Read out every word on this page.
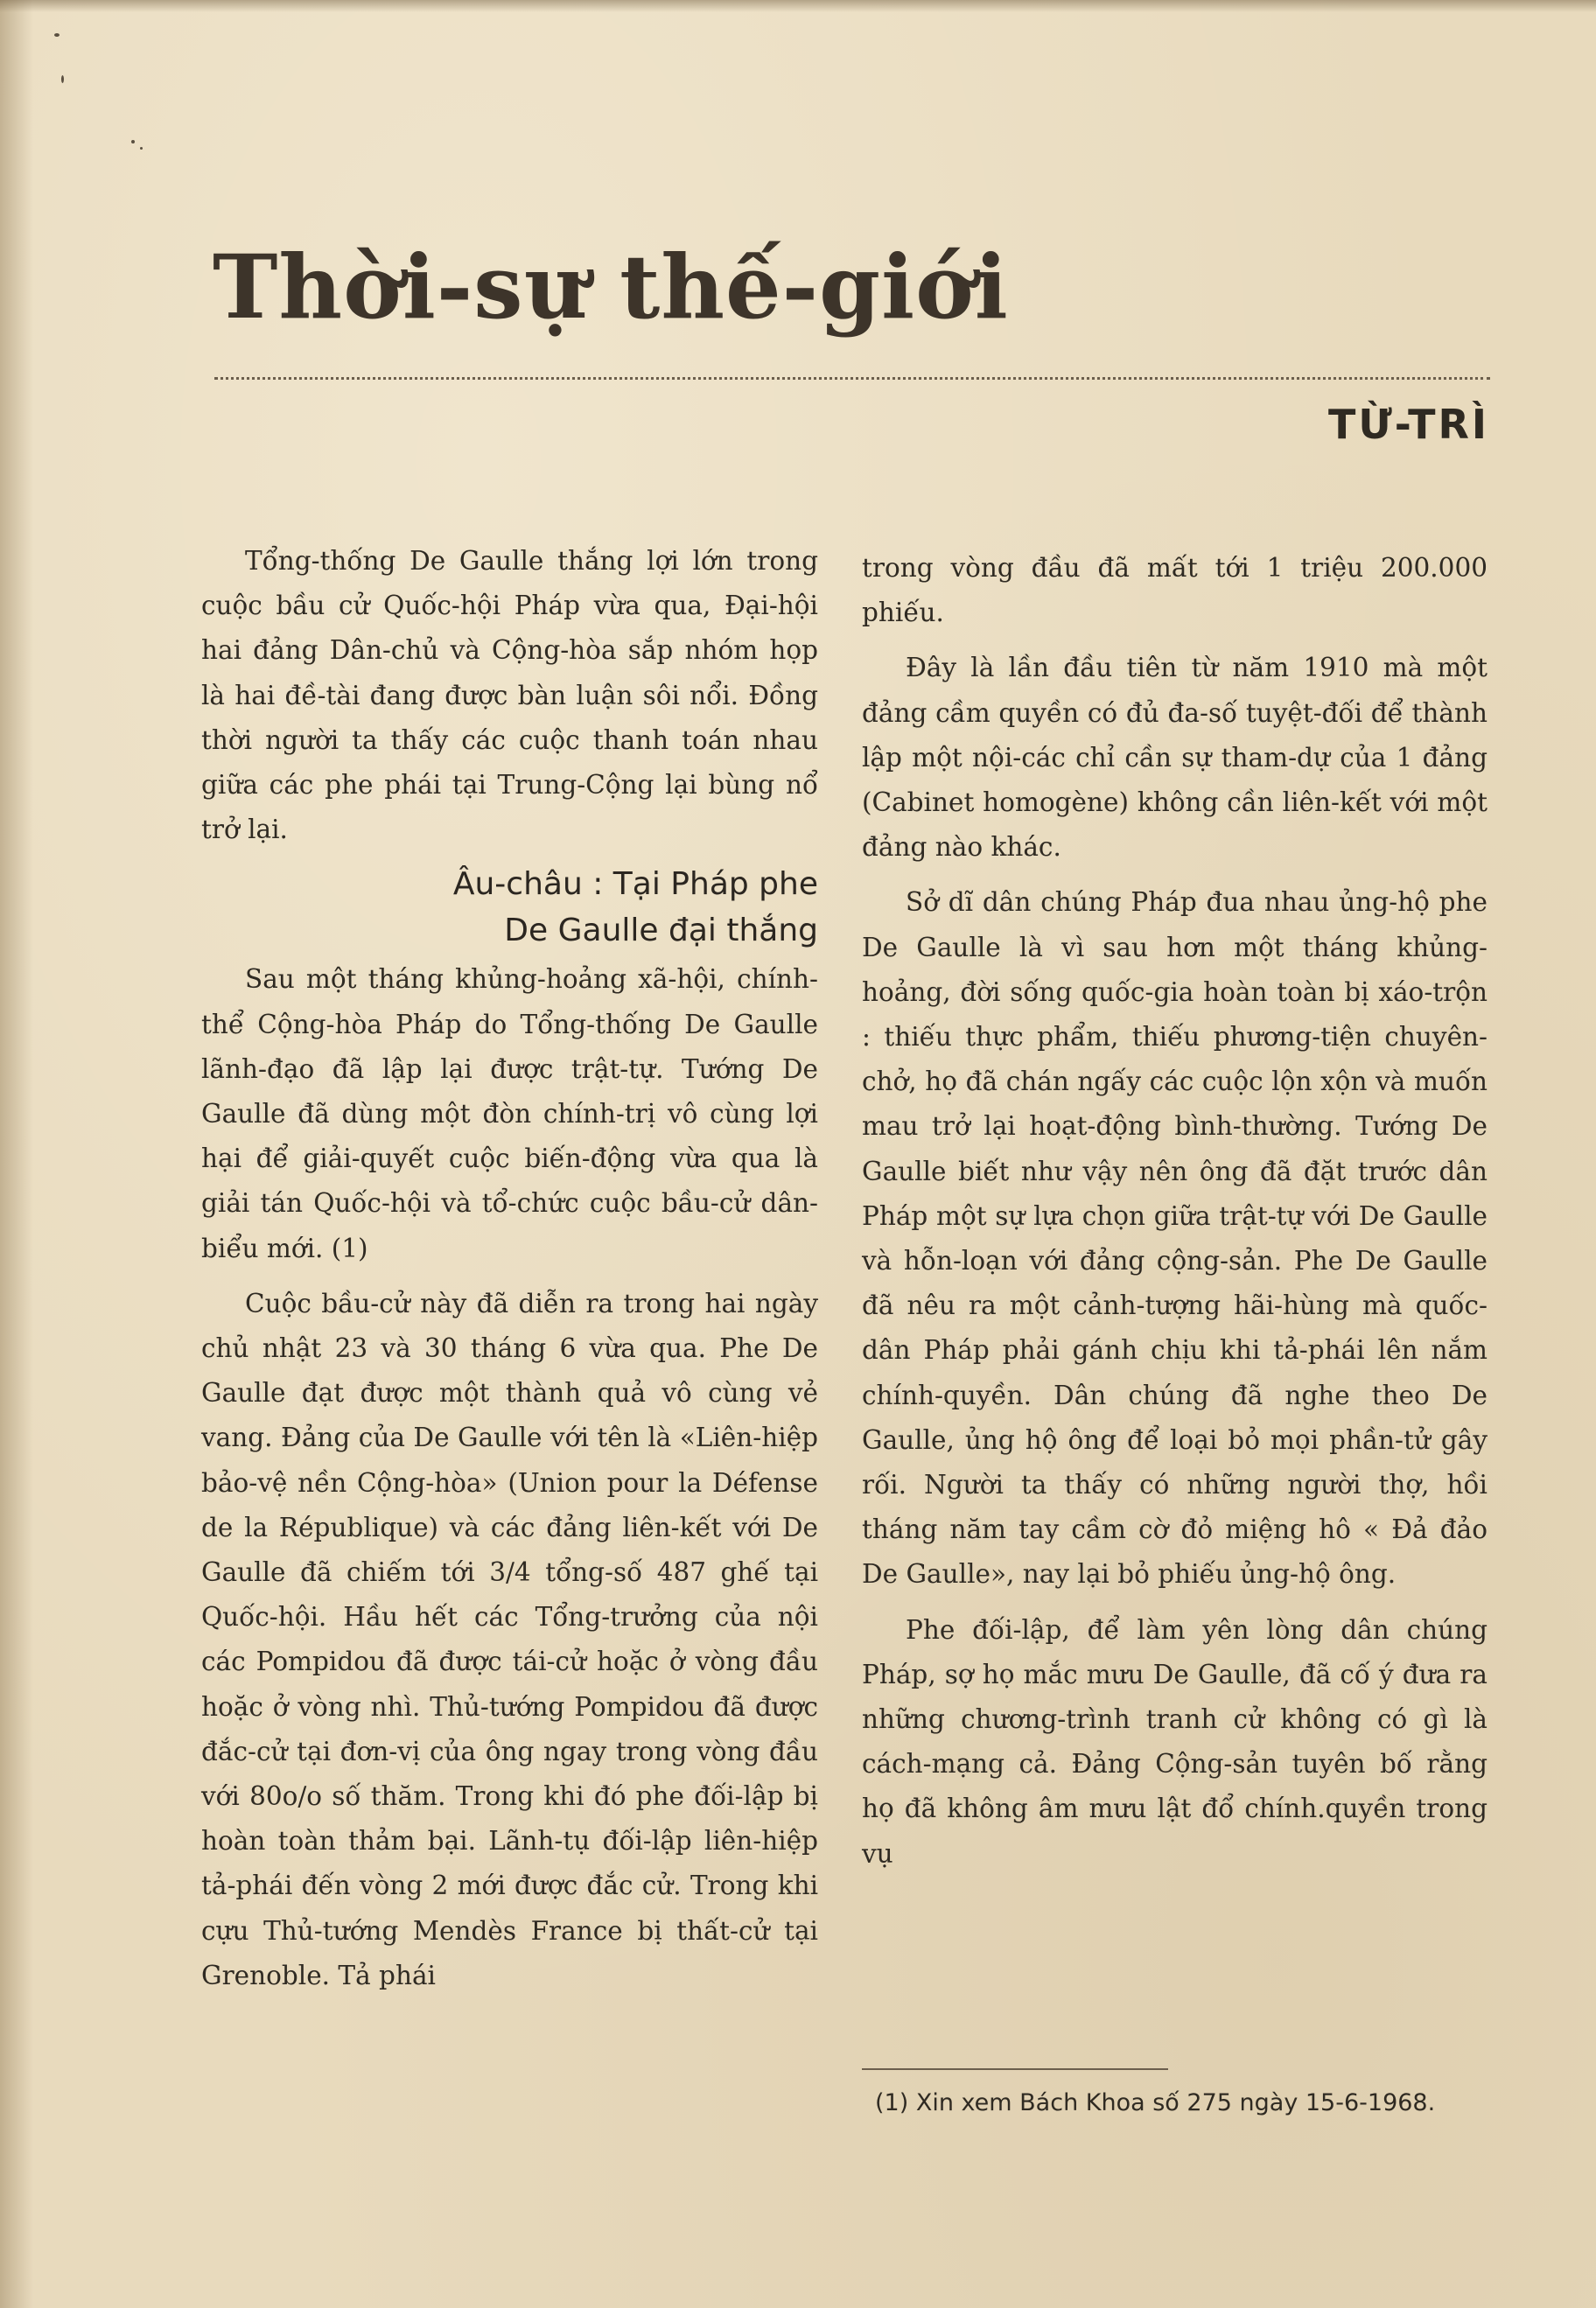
Thời-sự thế-giới
TỪ-TRÌ

Tổng-thống De Gaulle thắng lợi lớn trong cuộc bầu cử Quốc-hội Pháp vừa qua, Đại-hội hai đảng Dân-chủ và Cộng-hòa sắp nhóm họp là hai đề-tài đang được bàn luận sôi nổi. Đồng thời người ta thấy các cuộc thanh toán nhau giữa các phe phái tại Trung-Cộng lại bùng nổ trở lại.

Âu-châu : Tại Pháp phe
De Gaulle đại thắng

Sau một tháng khủng-hoảng xã-hội, chính-thể Cộng-hòa Pháp do Tổng-thống De Gaulle lãnh-đạo đã lập lại được trật-tự. Tướng De Gaulle đã dùng một đòn chính-trị vô cùng lợi hại để giải-quyết cuộc biến-động vừa qua là giải tán Quốc-hội và tổ-chức cuộc bầu-cử dân-biểu mới. (1)

Cuộc bầu-cử này đã diễn ra trong hai ngày chủ nhật 23 và 30 tháng 6 vừa qua. Phe De Gaulle đạt được một thành quả vô cùng vẻ vang. Đảng của De Gaulle với tên là «Liên-hiệp bảo-vệ nền Cộng-hòa» (Union pour la Défense de la République) và các đảng liên-kết với De Gaulle đã chiếm tới 3/4 tổng-số 487 ghế tại Quốc-hội. Hầu hết các Tổng-trưởng của nội các Pompidou đã được tái-cử hoặc ở vòng đầu hoặc ở vòng nhì. Thủ-tướng Pompidou đã được đắc-cử tại đơn-vị của ông ngay trong vòng đầu với 80o/o số thăm. Trong khi đó phe đối-lập bị hoàn toàn thảm bại. Lãnh-tụ đối-lập liên-hiệp tả-phái đến vòng 2 mới được đắc cử. Trong khi cựu Thủ-tướng Mendès France bị thất-cử tại Grenoble. Tả phái

trong vòng đầu đã mất tới 1 triệu 200.000 phiếu.

Đây là lần đầu tiên từ năm 1910 mà một đảng cầm quyền có đủ đa-số tuyệt-đối để thành lập một nội-các chỉ cần sự tham-dự của 1 đảng (Cabinet homogène) không cần liên-kết với một đảng nào khác.

Sở dĩ dân chúng Pháp đua nhau ủng-hộ phe De Gaulle là vì sau hơn một tháng khủng-hoảng, đời sống quốc-gia hoàn toàn bị xáo-trộn : thiếu thực phẩm, thiếu phương-tiện chuyên-chở, họ đã chán ngấy các cuộc lộn xộn và muốn mau trở lại hoạt-động bình-thường. Tướng De Gaulle biết như vậy nên ông đã đặt trước dân Pháp một sự lựa chọn giữa trật-tự với De Gaulle và hỗn-loạn với đảng cộng-sản. Phe De Gaulle đã nêu ra một cảnh-tượng hãi-hùng mà quốc-dân Pháp phải gánh chịu khi tả-phái lên nắm chính-quyền. Dân chúng đã nghe theo De Gaulle, ủng hộ ông để loại bỏ mọi phần-tử gây rối. Người ta thấy có những người thợ, hồi tháng năm tay cầm cờ đỏ miệng hô « Đả đảo De Gaulle», nay lại bỏ phiếu ủng-hộ ông.

Phe đối-lập, để làm yên lòng dân chúng Pháp, sợ họ mắc mưu De Gaulle, đã cố ý đưa ra những chương-trình tranh cử không có gì là cách-mạng cả. Đảng Cộng-sản tuyên bố rằng họ đã không âm mưu lật đổ chính.quyền trong vụ

(1) Xin xem Bách Khoa số 275 ngày 15-6-1968.
